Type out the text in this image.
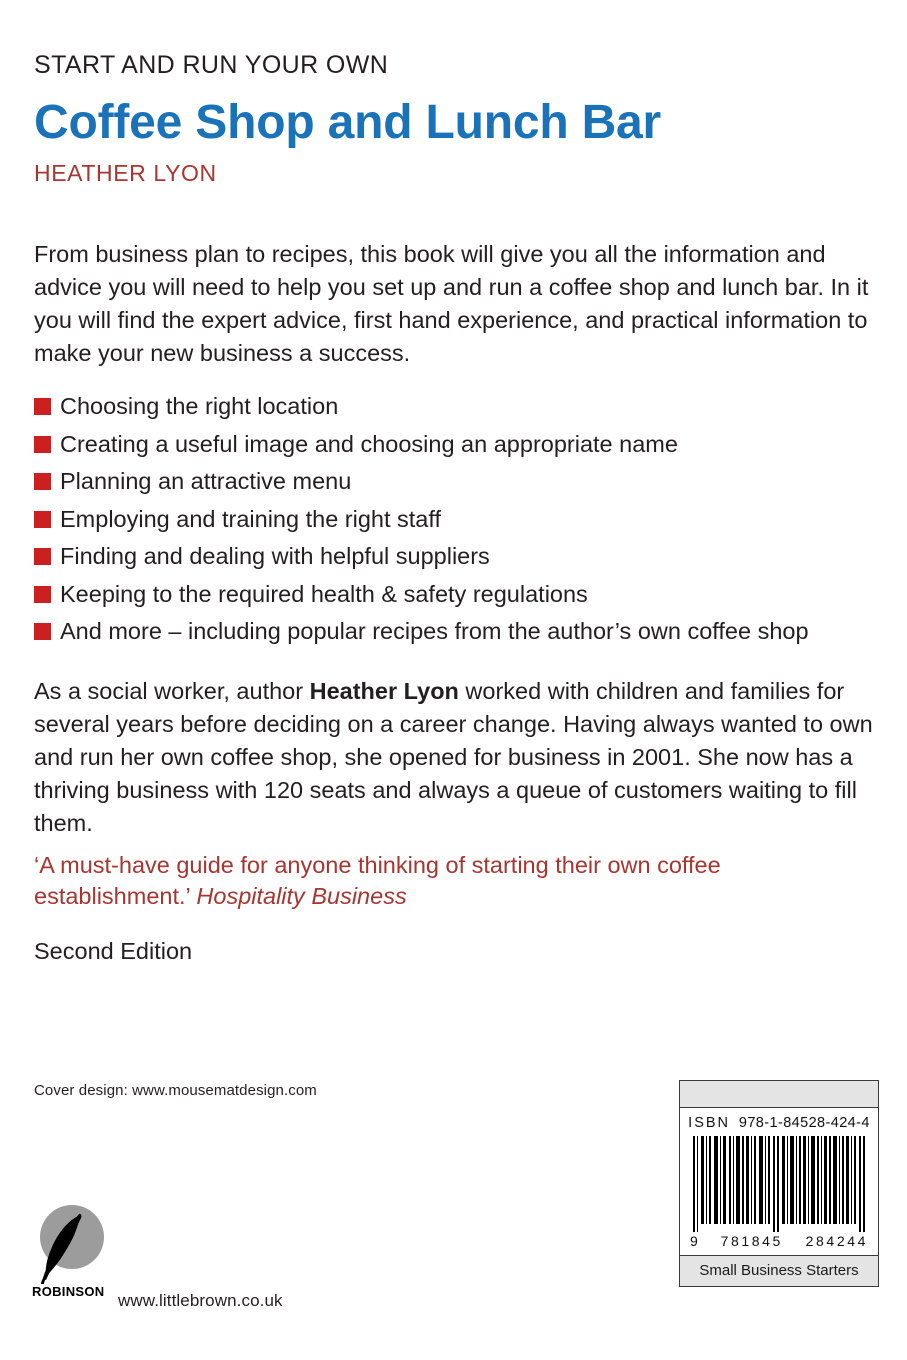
START AND RUN YOUR OWN
Coffee Shop and Lunch Bar
HEATHER LYON
From business plan to recipes, this book will give you all the information and advice you will need to help you set up and run a coffee shop and lunch bar. In it you will find the expert advice, first hand experience, and practical information to make your new business a success.
Choosing the right location
Creating a useful image and choosing an appropriate name
Planning an attractive menu
Employing and training the right staff
Finding and dealing with helpful suppliers
Keeping to the required health & safety regulations
And more – including popular recipes from the author’s own coffee shop
As a social worker, author Heather Lyon worked with children and families for several years before deciding on a career change. Having always wanted to own and run her own coffee shop, she opened for business in 2001. She now has a thriving business with 120 seats and always a queue of customers waiting to fill them.
‘A must-have guide for anyone thinking of starting their own coffee establishment.’ Hospitality Business
Second Edition
Cover design: www.mousematdesign.com
ROBINSON www.littlebrown.co.uk
ISBN 978-1-84528-424-4
9 781845 284244
Small Business Starters
